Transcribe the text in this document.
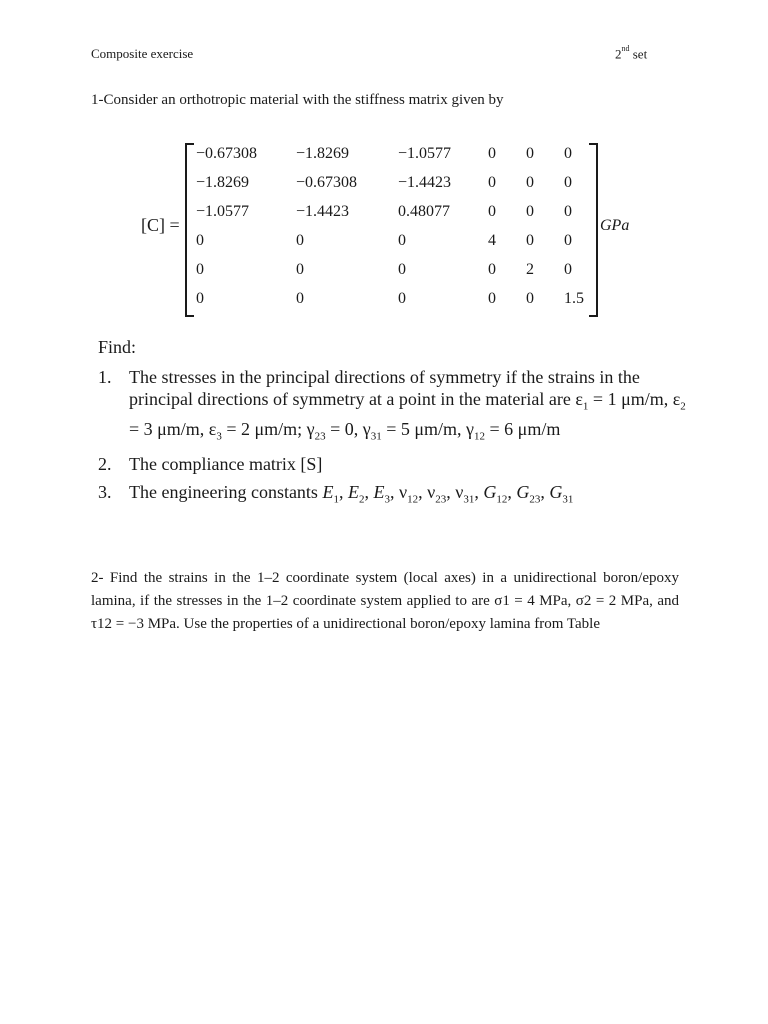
Composite exercise	2nd set
1-Consider an orthotropic material with the stiffness matrix given by
[C] =	GPa
−0.67308 −1.8269	−1.0577 0 0 0
−1.8269	−0.67308	−1.4423 0 0 0
−1.0577	−1.4423	0.48077 0 0 0
0	0	0	4 0 0
0	0	0	0 2 0
0	0	0	0 0 1.5
Find:
1. The stresses in the principal directions of symmetry if the strains in the principal directions of symmetry at a point in the material are $\varepsilon_1 = 1$ μm/m, $\varepsilon_2 = 3$ μm/m, $\varepsilon_3 = 2$ μm/m; $\gamma_{23} = 0$, $\gamma_{31} = 5$ μm/m, $\gamma_{12} = 6$ μm/m
2. The compliance matrix [S]
3. The engineering constants $E_1$, $E_2$, $E_3$, $\nu_{12}$, $\nu_{23}$, $\nu_{31}$, $G_{12}$, $G_{23}$, $G_{31}$
2- Find the strains in the 1–2 coordinate system (local axes) in a unidirectional boron/epoxy lamina, if the stresses in the 1–2 coordinate system applied to are σ1 = 4 MPa, σ2 = 2 MPa, and τ12 = −3 MPa. Use the properties of a unidirectional boron/epoxy lamina from Table
